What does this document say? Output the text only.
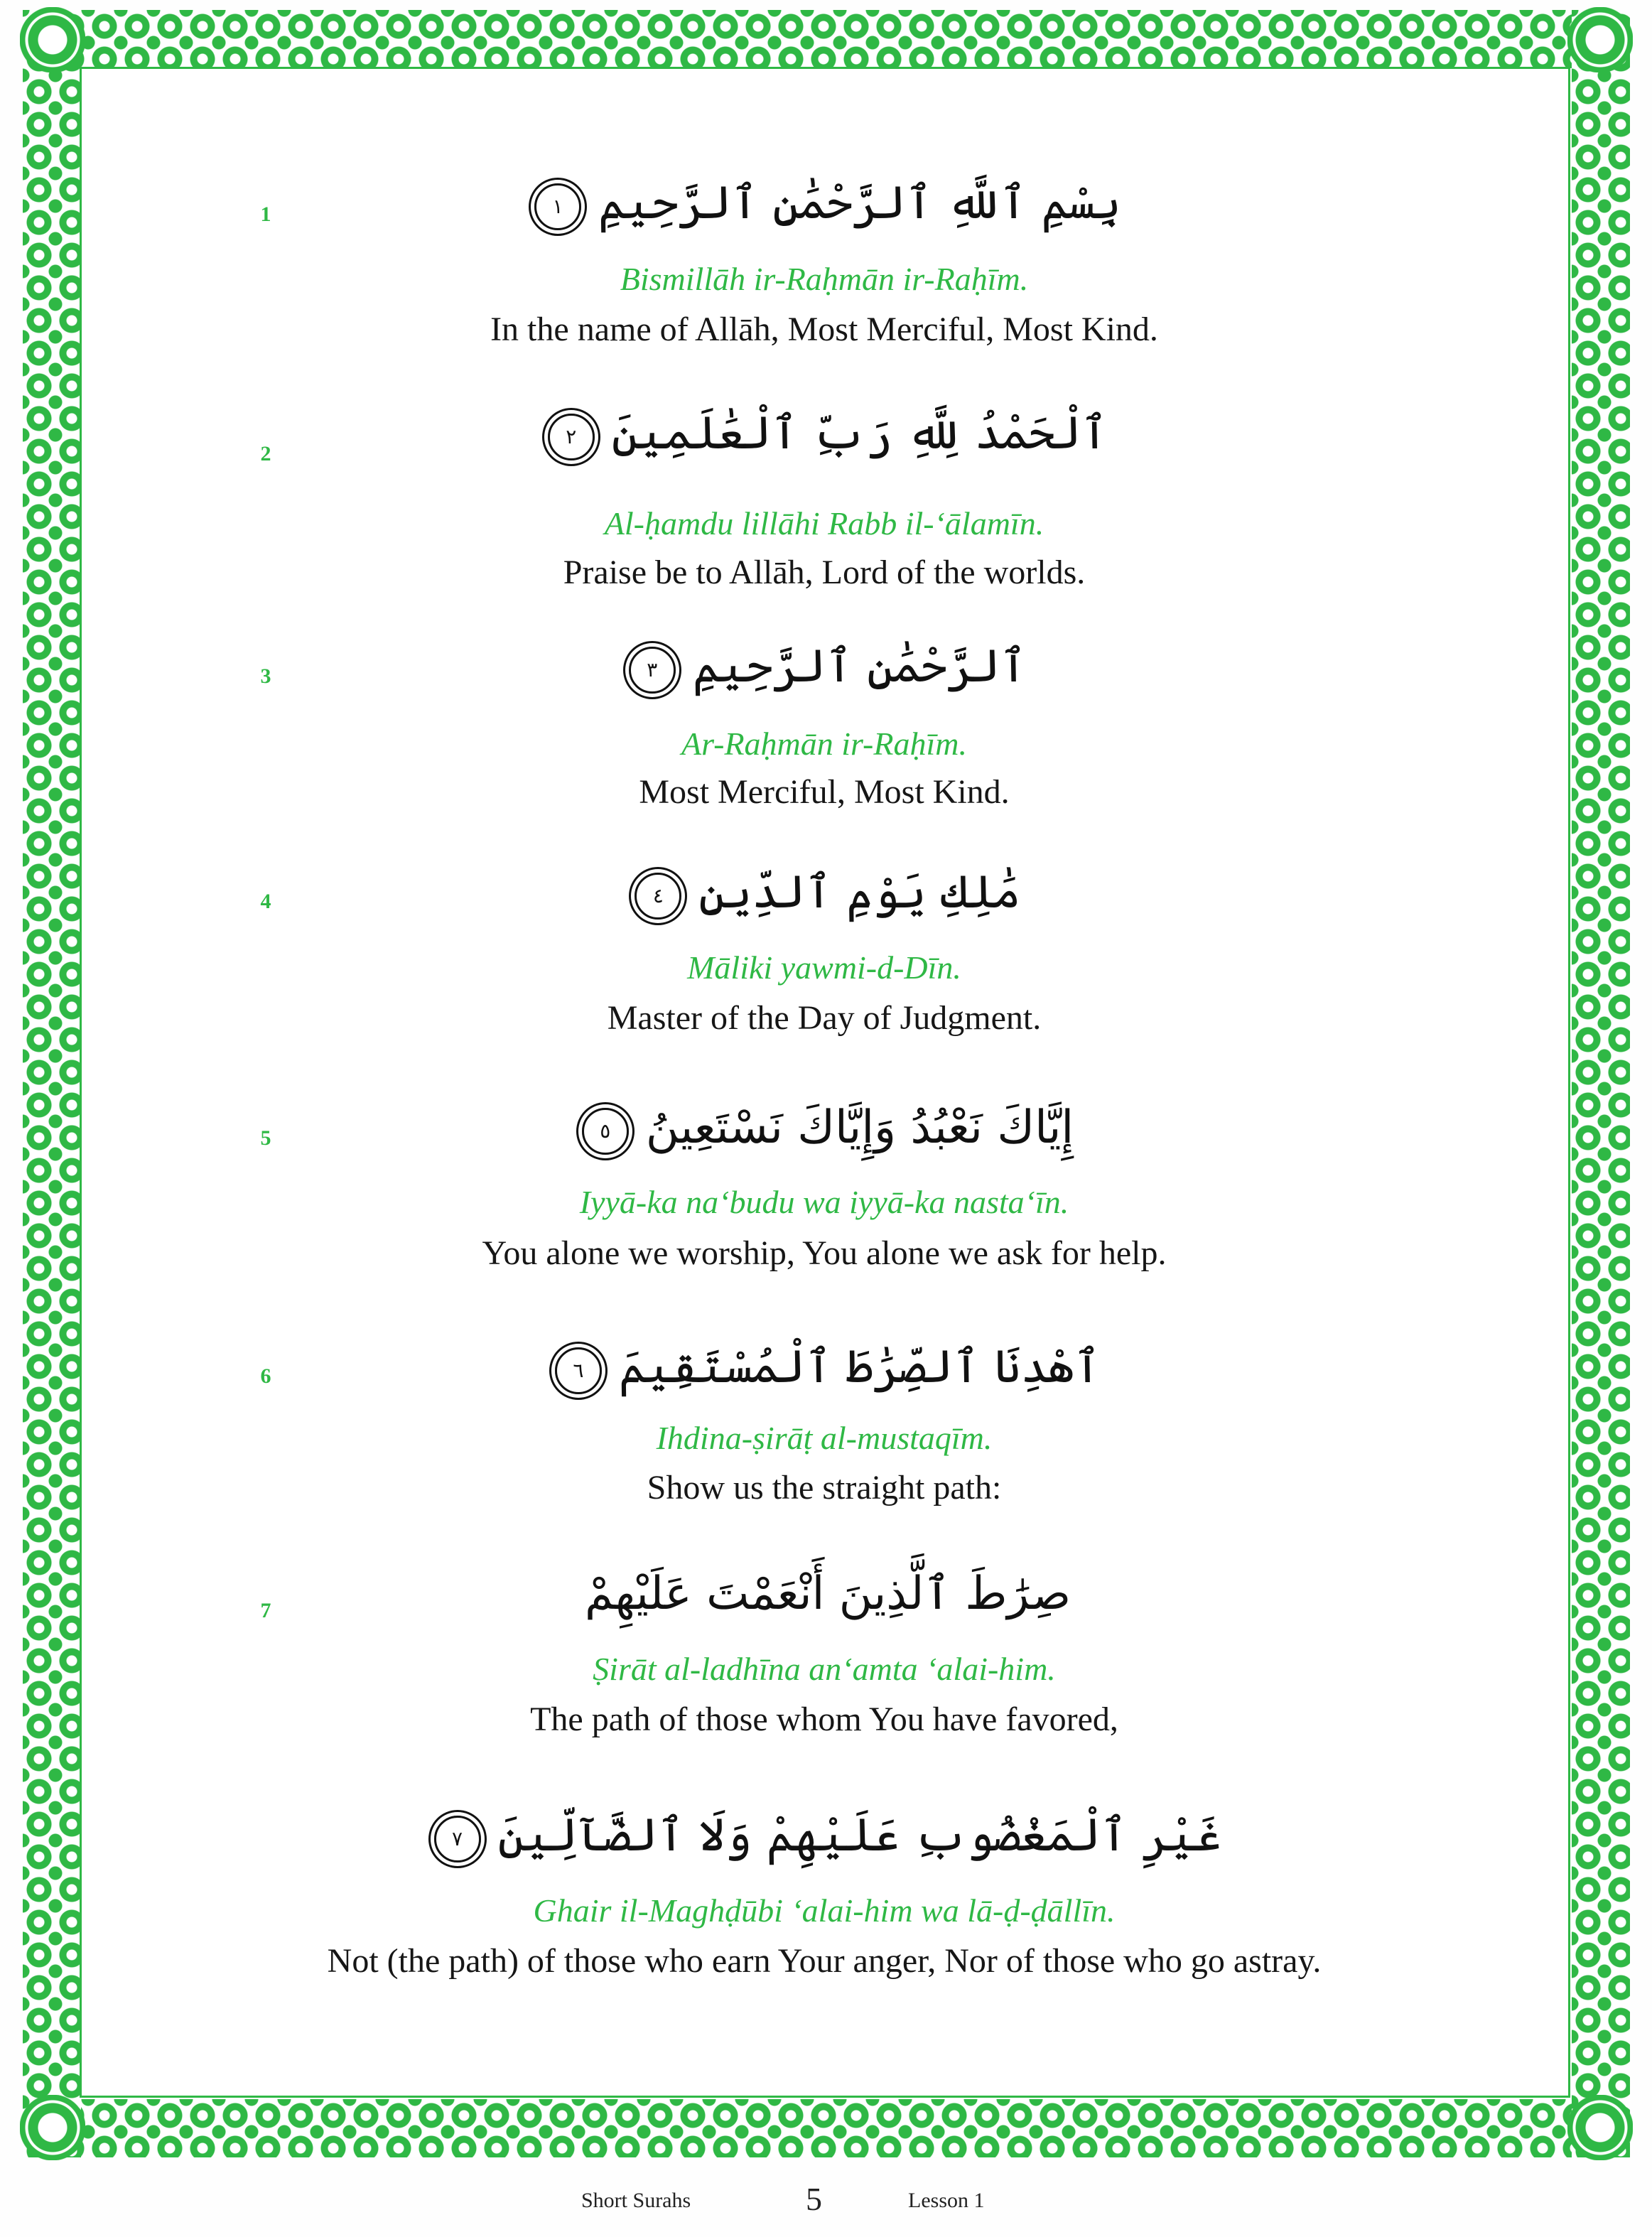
1	١ بِسْمِ ٱللَّهِ ٱلرَّحْمَٰنِ ٱلرَّحِيمِ
Bismillāh ir-Raḥmān ir-Raḥīm.
In the name of Allāh, Most Merciful, Most Kind.
2
٢ ٱلْحَمْدُ لِلَّهِ رَبِّ ٱلْعَٰلَمِينَ
Al-ḥamdu lillāhi Rabb il-‘ālamīn.
Praise be to Allāh, Lord of the worlds.
3	٣ ٱلرَّحْمَٰنِ ٱلرَّحِيمِ
Ar-Raḥmān ir-Raḥīm.
Most Merciful, Most Kind.
4	٤ مَٰلِكِ يَوْمِ ٱلدِّينِ
Māliki yawmi-d-Dīn.
Master of the Day of Judgment.
5	٥ إِيَّاكَ نَعْبُدُ وَإِيَّاكَ نَسْتَعِينُ
Iyyā-ka na‘budu wa iyyā-ka nasta‘īn.
You alone we worship, You alone we ask for help.
6	٦ ٱهْدِنَا ٱلصِّرَٰطَ ٱلْمُسْتَقِيمَ
Ihdina-ṣirāṭ al-mustaqīm.
Show us the straight path:
7	صِرَٰطَ ٱلَّذِينَ أَنْعَمْتَ عَلَيْهِمْ
Ṣirāt al-ladhīna an‘amta ‘alai-him.
The path of those whom You have favored,
٧ غَيْرِ ٱلْمَغْضُوبِ عَلَيْهِمْ وَلَا ٱلضَّآلِّينَ
Ghair il-Maghḍūbi ‘alai-him wa lā-ḍ-ḍāllīn.
Not (the path) of those who earn Your anger, Nor of those who go astray.
Short Surahs	5	Lesson 1
